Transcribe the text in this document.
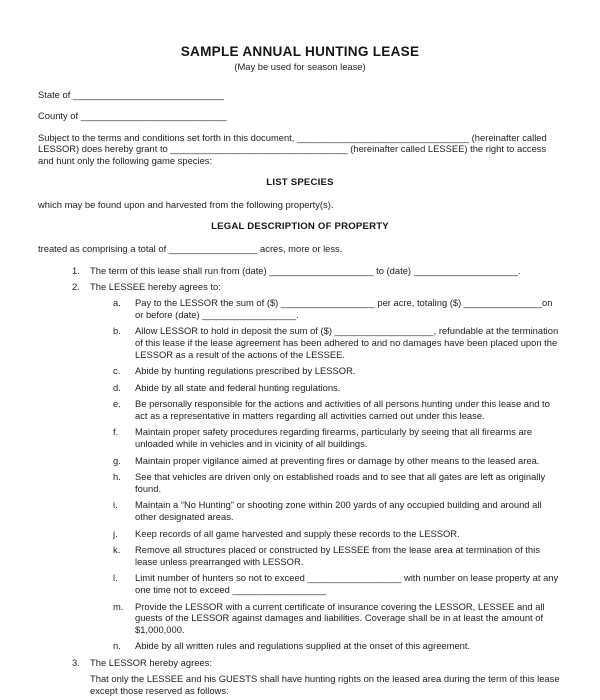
SAMPLE ANNUAL HUNTING LEASE
(May be used for season lease)

State of _____________________________

County of ____________________________

Subject to the terms and conditions set forth in this document, _________________________________ (hereinafter called LESSOR) does hereby grant to __________________________________ (hereinafter called LESSEE) the right to access and hunt only the following game species:

LIST SPECIES

which may be found upon and harvested from the following property(s).

LEGAL DESCRIPTION OF PROPERTY

treated as comprising a total of _________________ acres, more or less.

1.	The term of this lease shall run from (date) ____________________ to (date) ____________________.
2.	The LESSEE hereby agrees to:
a.	Pay to the LESSOR the sum of ($) __________________ per acre, totaling ($) _______________on or before (date) __________________.
b.	Allow LESSOR to hold in deposit the sum of ($) ___________________, refundable at the termination of this lease if the lease agreement has been adhered to and no damages have been placed upon the LESSOR as a result of the actions of the LESSEE.
c.	Abide by hunting regulations prescribed by LESSOR.
d.	Abide by all state and federal hunting regulations.
e.	Be personally responsible for the actions and activities of all persons hunting under this lease and to act as a representative in matters regarding all activities carried out under this lease.
f.	Maintain proper safety procedures regarding firearms, particularly by seeing that all firearms are unloaded while in vehicles and in vicinity of all buildings.
g.	Maintain proper vigilance aimed at preventing fires or damage by other means to the leased area.
h.	See that vehicles are driven only on established roads and to see that all gates are left as originally found.
i.	Maintain a “No Hunting” or shooting zone within 200 yards of any occupied building and around all other designated areas.
j.	Keep records of all game harvested and supply these records to the LESSOR.
k.	Remove all structures placed or constructed by LESSEE from the lease area at termination of this lease unless prearranged with LESSOR.
l.	Limit number of hunters so not to exceed __________________ with number on lease property at any one time not to exceed __________________
m.	Provide the LESSOR with a current certificate of insurance covering the LESSOR, LESSEE and all guests of the LESSOR against damages and liabilities. Coverage shall be in at least the amount of $1,000,000.
n.	Abide by all written rules and regulations supplied at the onset of this agreement.
3.	The LESSOR hereby agrees:

That only the LESSEE and his GUESTS shall have hunting rights on the leased area during the term of this lease except those reserved as follows:
